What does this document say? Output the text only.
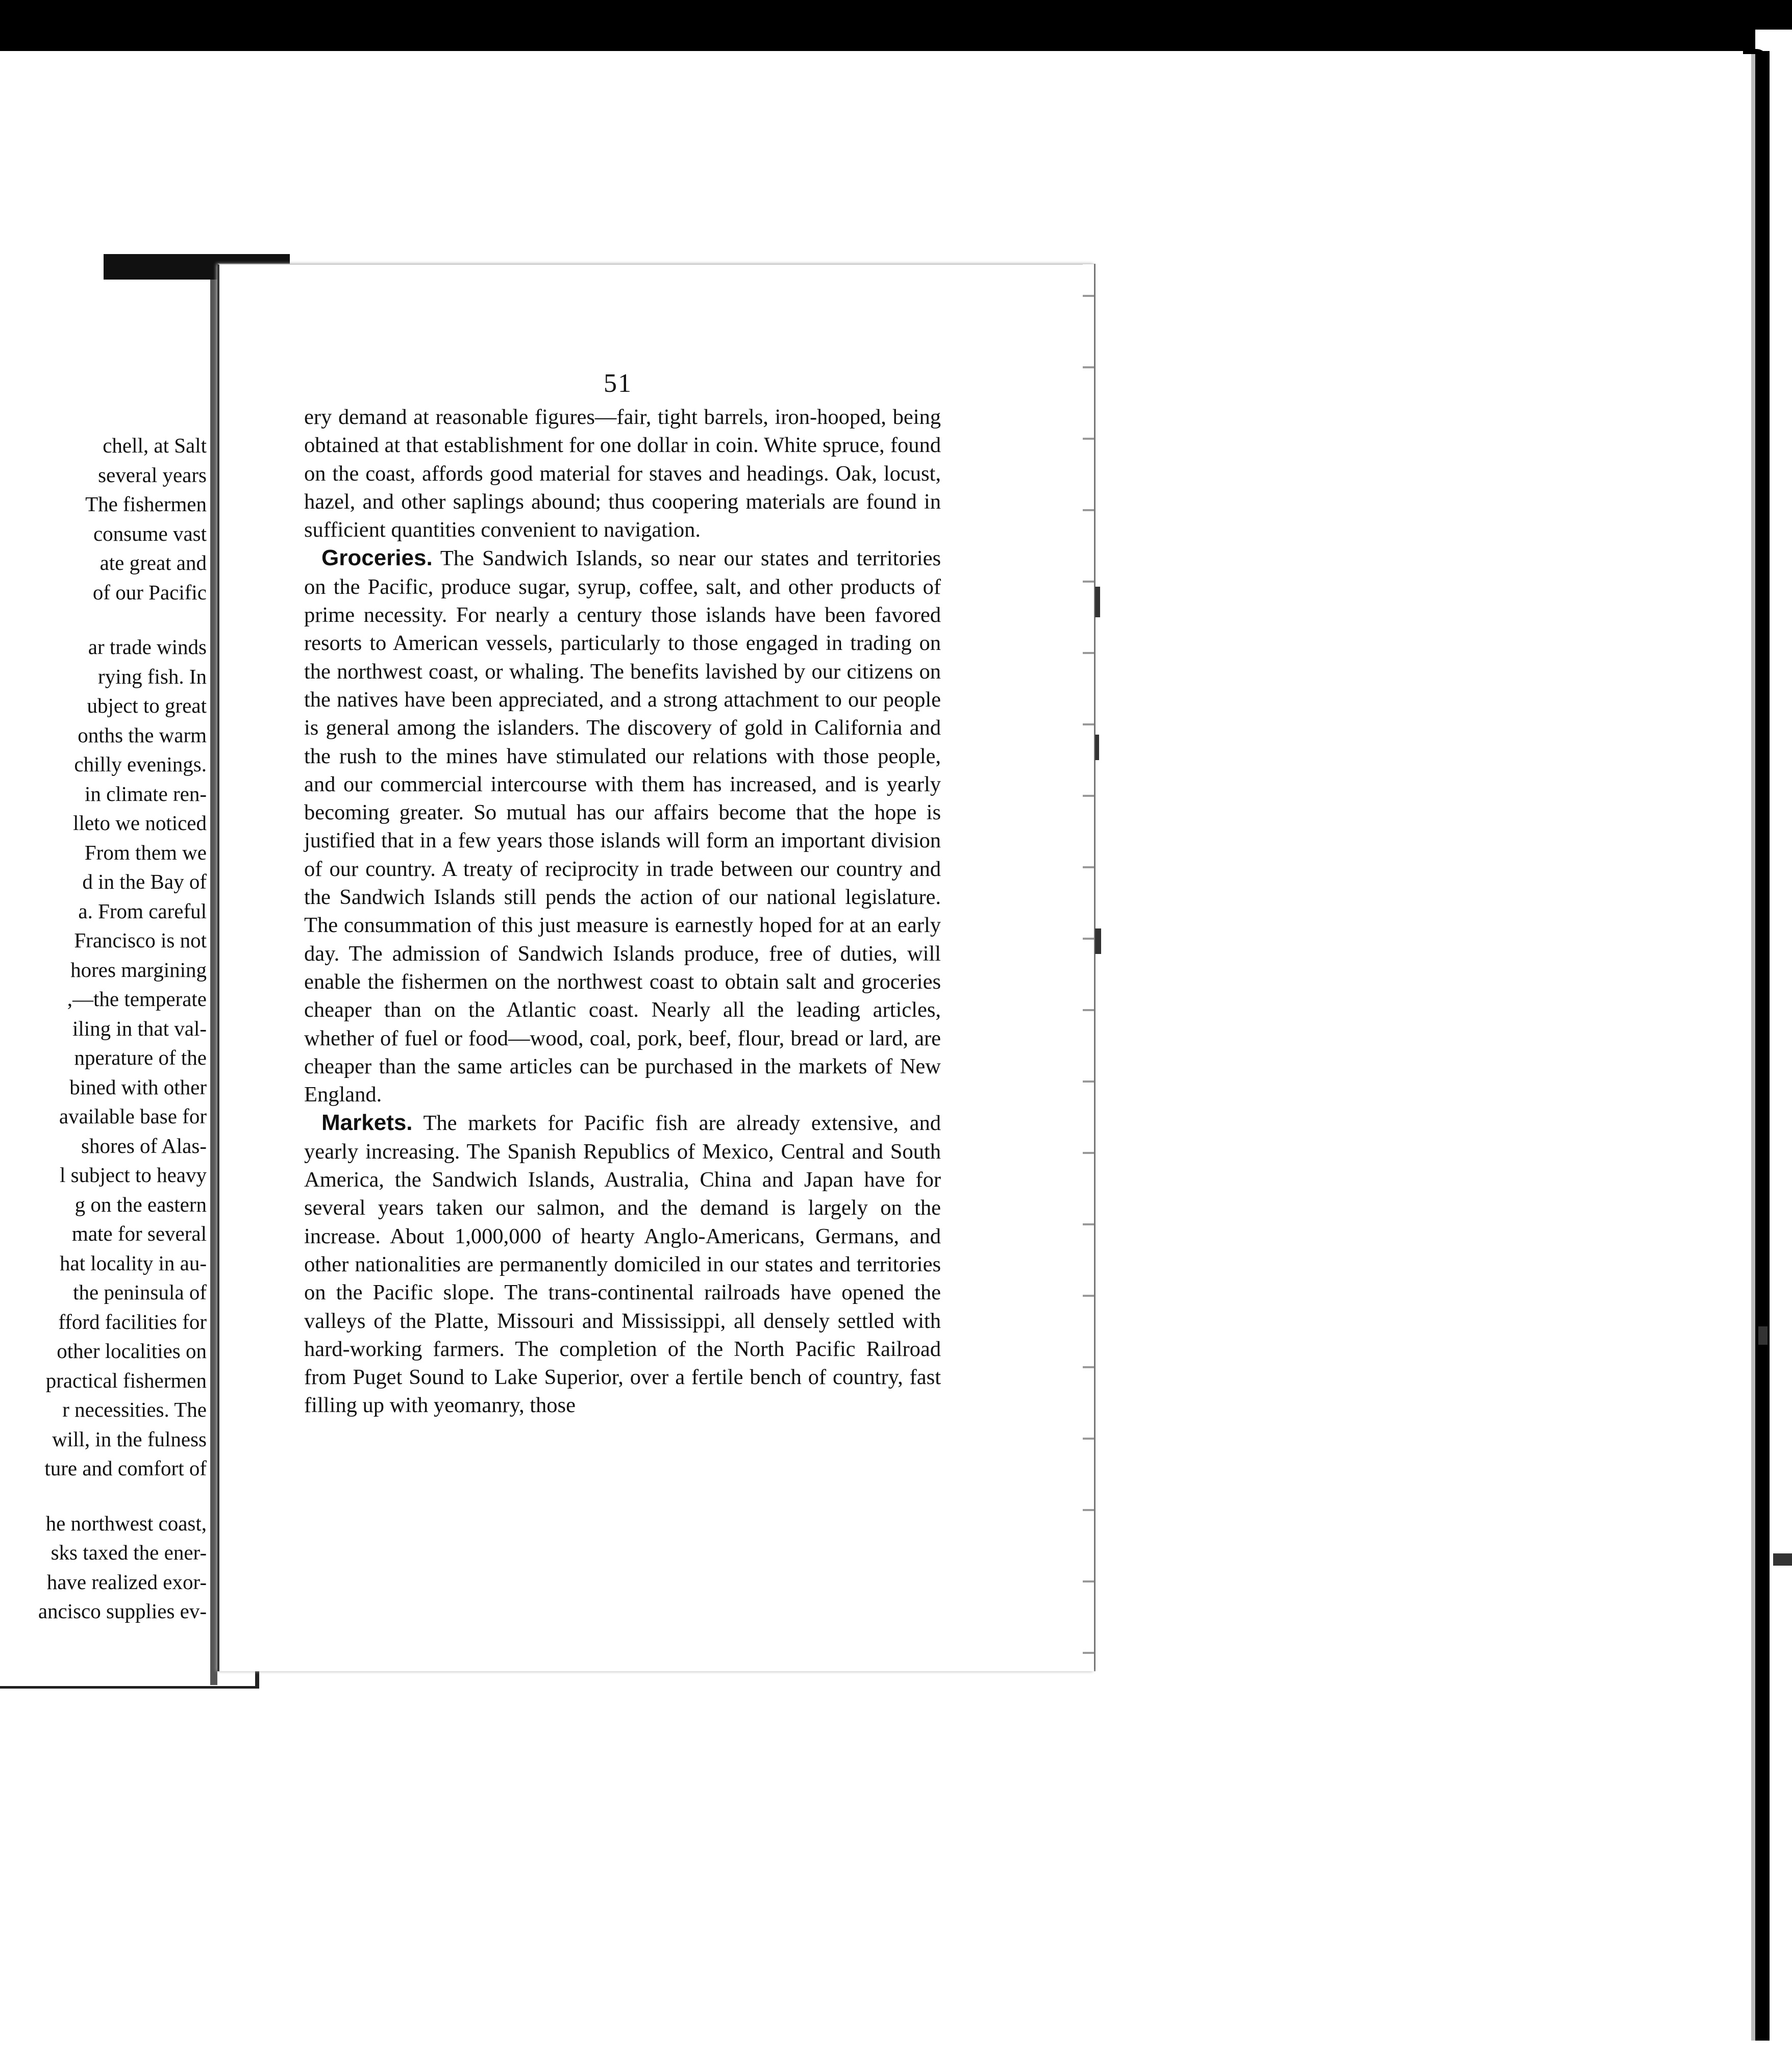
chell, at Salt
several years
The fishermen
consume vast
ate great and
of our Pacific
ar trade winds
rying fish. In
ubject to great
onths the warm
chilly evenings.
in climate ren-
lleto we noticed
From them we
d in the Bay of
a. From careful
Francisco is not
hores margining
,—the temperate
iling in that val-
nperature of the
bined with other
available base for
shores of Alas-
l subject to heavy
g on the eastern
mate for several
hat locality in au-
the peninsula of
fford facilities for
other localities on
practical fishermen
r necessities. The
will, in the fulness
ture and comfort of
he northwest coast,
sks taxed the ener-
have realized exor-
ancisco supplies ev-
51

ery demand at reasonable figures—fair, tight barrels, iron-hooped, being obtained at that establishment for one dollar in coin. White spruce, found on the coast, affords good material for staves and headings. Oak, locust, hazel, and other saplings abound; thus coopering materials are found in sufficient quantities convenient to navigation.

Groceries. The Sandwich Islands, so near our states and territories on the Pacific, produce sugar, syrup, coffee, salt, and other products of prime necessity. For nearly a century those islands have been favored resorts to American vessels, particularly to those engaged in trading on the northwest coast, or whaling. The benefits lavished by our citizens on the natives have been appreciated, and a strong attachment to our people is general among the islanders. The discovery of gold in California and the rush to the mines have stimulated our relations with those people, and our commercial intercourse with them has increased, and is yearly becoming greater. So mutual has our affairs become that the hope is justified that in a few years those islands will form an important division of our country. A treaty of reciprocity in trade between our country and the Sandwich Islands still pends the action of our national legislature. The consummation of this just measure is earnestly hoped for at an early day. The admission of Sandwich Islands produce, free of duties, will enable the fishermen on the northwest coast to obtain salt and groceries cheaper than on the Atlantic coast. Nearly all the leading articles, whether of fuel or food—wood, coal, pork, beef, flour, bread or lard, are cheaper than the same articles can be purchased in the markets of New England.

Markets. The markets for Pacific fish are already extensive, and yearly increasing. The Spanish Republics of Mexico, Central and South America, the Sandwich Islands, Australia, China and Japan have for several years taken our salmon, and the demand is largely on the increase. About 1,000,000 of hearty Anglo-Americans, Germans, and other nationalities are permanently domiciled in our states and territories on the Pacific slope. The trans-continental railroads have opened the valleys of the Platte, Missouri and Mississippi, all densely settled with hard-working farmers. The completion of the North Pacific Railroad from Puget Sound to Lake Superior, over a fertile bench of country, fast filling up with yeomanry, those
